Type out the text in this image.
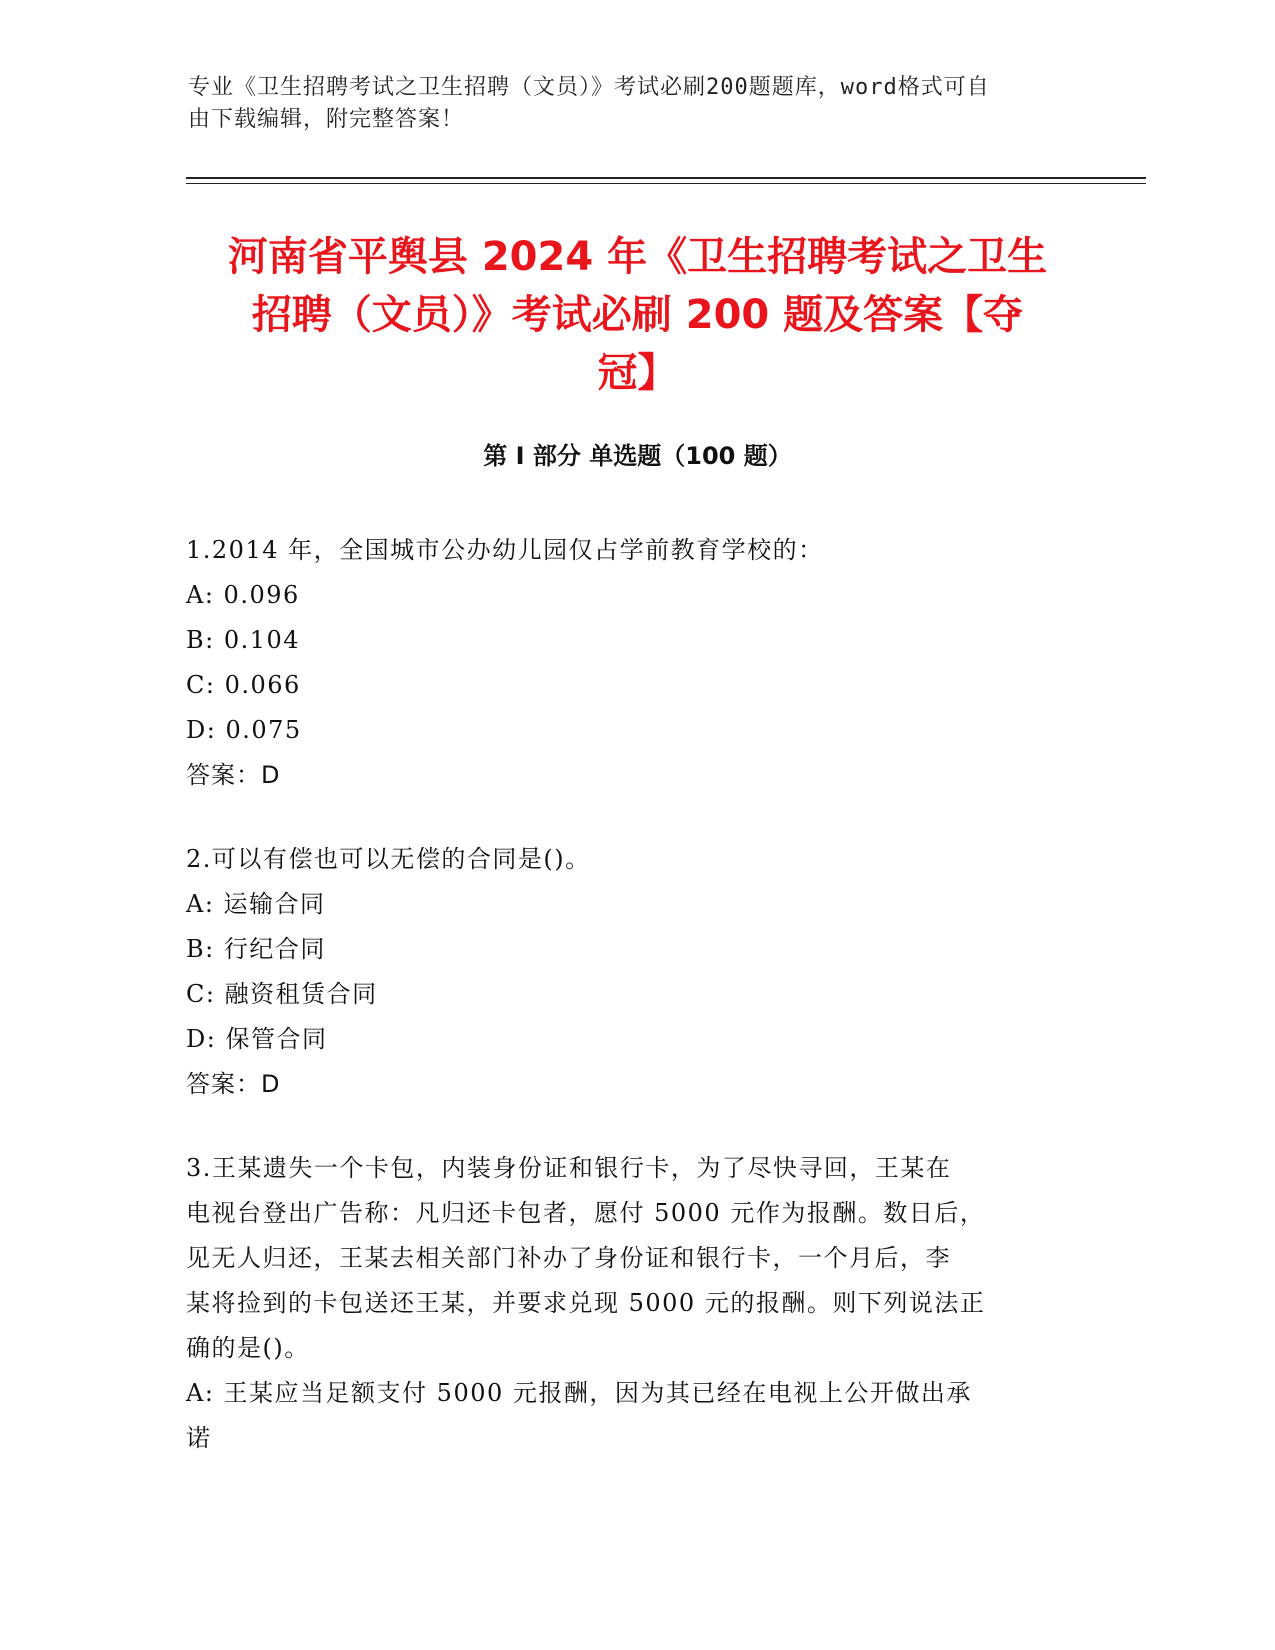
专业《卫生招聘考试之卫生招聘（文员）》考试必刷200题题库，word格式可自
由下载编辑，附完整答案！
河南省平舆县 2024 年《卫生招聘考试之卫生
招聘（文员）》考试必刷 200 题及答案【夺
冠】
第 I 部分 单选题（100 题）
1.2014 年，全国城市公办幼儿园仅占学前教育学校的：
A: 0.096
B: 0.104
C: 0.066
D: 0.075
答案：D
2.可以有偿也可以无偿的合同是()。
A: 运输合同
B: 行纪合同
C: 融资租赁合同
D: 保管合同
答案：D
3.王某遗失一个卡包，内装身份证和银行卡，为了尽快寻回，王某在
电视台登出广告称：凡归还卡包者，愿付 5000 元作为报酬。数日后，
见无人归还，王某去相关部门补办了身份证和银行卡，一个月后，李
某将捡到的卡包送还王某，并要求兑现 5000 元的报酬。则下列说法正
确的是()。
A: 王某应当足额支付 5000 元报酬，因为其已经在电视上公开做出承
诺
